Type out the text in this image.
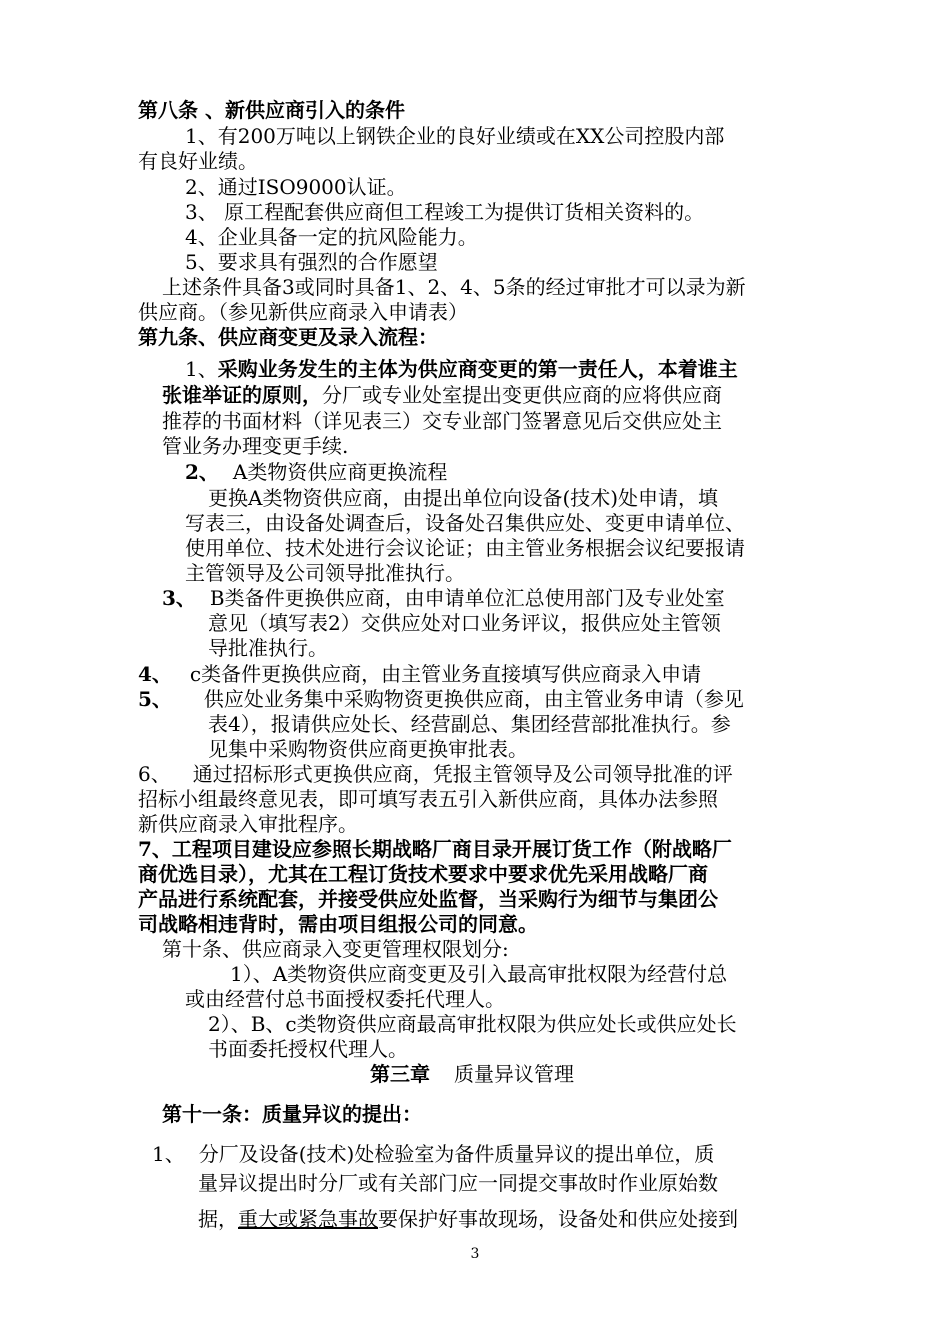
第八条 、新供应商引入的条件
1、有200万吨以上钢铁企业的良好业绩或在XX公司控股内部
有良好业绩。
2、通过ISO9000认证。
3、 原工程配套供应商但工程竣工为提供订货相关资料的。
4、企业具备一定的抗风险能力。
5、要求具有强烈的合作愿望
上述条件具备3或同时具备1、2、4、5条的经过审批才可以录为新
供应商。（参见新供应商录入申请表）
第九条、供应商变更及录入流程：
1、采购业务发生的主体为供应商变更的第一责任人，本着谁主
张谁举证的原则，分厂或专业处室提出变更供应商的应将供应商
推荐的书面材料（详见表三）交专业部门签署意见后交供应处主
管业务办理变更手续.
2、 A类物资供应商更换流程
更换A类物资供应商，由提出单位向设备(技术)处申请，填
写表三，由设备处调查后，设备处召集供应处、变更申请单位、
使用单位、技术处进行会议论证；由主管业务根据会议纪要报请
主管领导及公司领导批准执行。
3、 B类备件更换供应商，由申请单位汇总使用部门及专业处室
意见（填写表2）交供应处对口业务评议，报供应处主管领
导批准执行。
4、 c类备件更换供应商，由主管业务直接填写供应商录入申请
5、 供应处业务集中采购物资更换供应商，由主管业务申请（参见
表4），报请供应处长、经营副总、集团经营部批准执行。参
见集中采购物资供应商更换审批表。
6、 通过招标形式更换供应商，凭报主管领导及公司领导批准的评
招标小组最终意见表，即可填写表五引入新供应商，具体办法参照
新供应商录入审批程序。
7、工程项目建设应参照长期战略厂商目录开展订货工作（附战略厂
商优选目录），尤其在工程订货技术要求中要求优先采用战略厂商
产品进行系统配套，并接受供应处监督，当采购行为细节与集团公
司战略相违背时，需由项目组报公司的同意。
第十条、供应商录入变更管理权限划分:
1）、A类物资供应商变更及引入最高审批权限为经营付总
或由经营付总书面授权委托代理人。
2）、B、c类物资供应商最高审批权限为供应处长或供应处长
书面委托授权代理人。
第三章 质量异议管理
第十一条：质量异议的提出：
1、 分厂及设备(技术)处检验室为备件质量异议的提出单位，质
量异议提出时分厂或有关部门应一同提交事故时作业原始数
据，重大或紧急事故要保护好事故现场，设备处和供应处接到
3
